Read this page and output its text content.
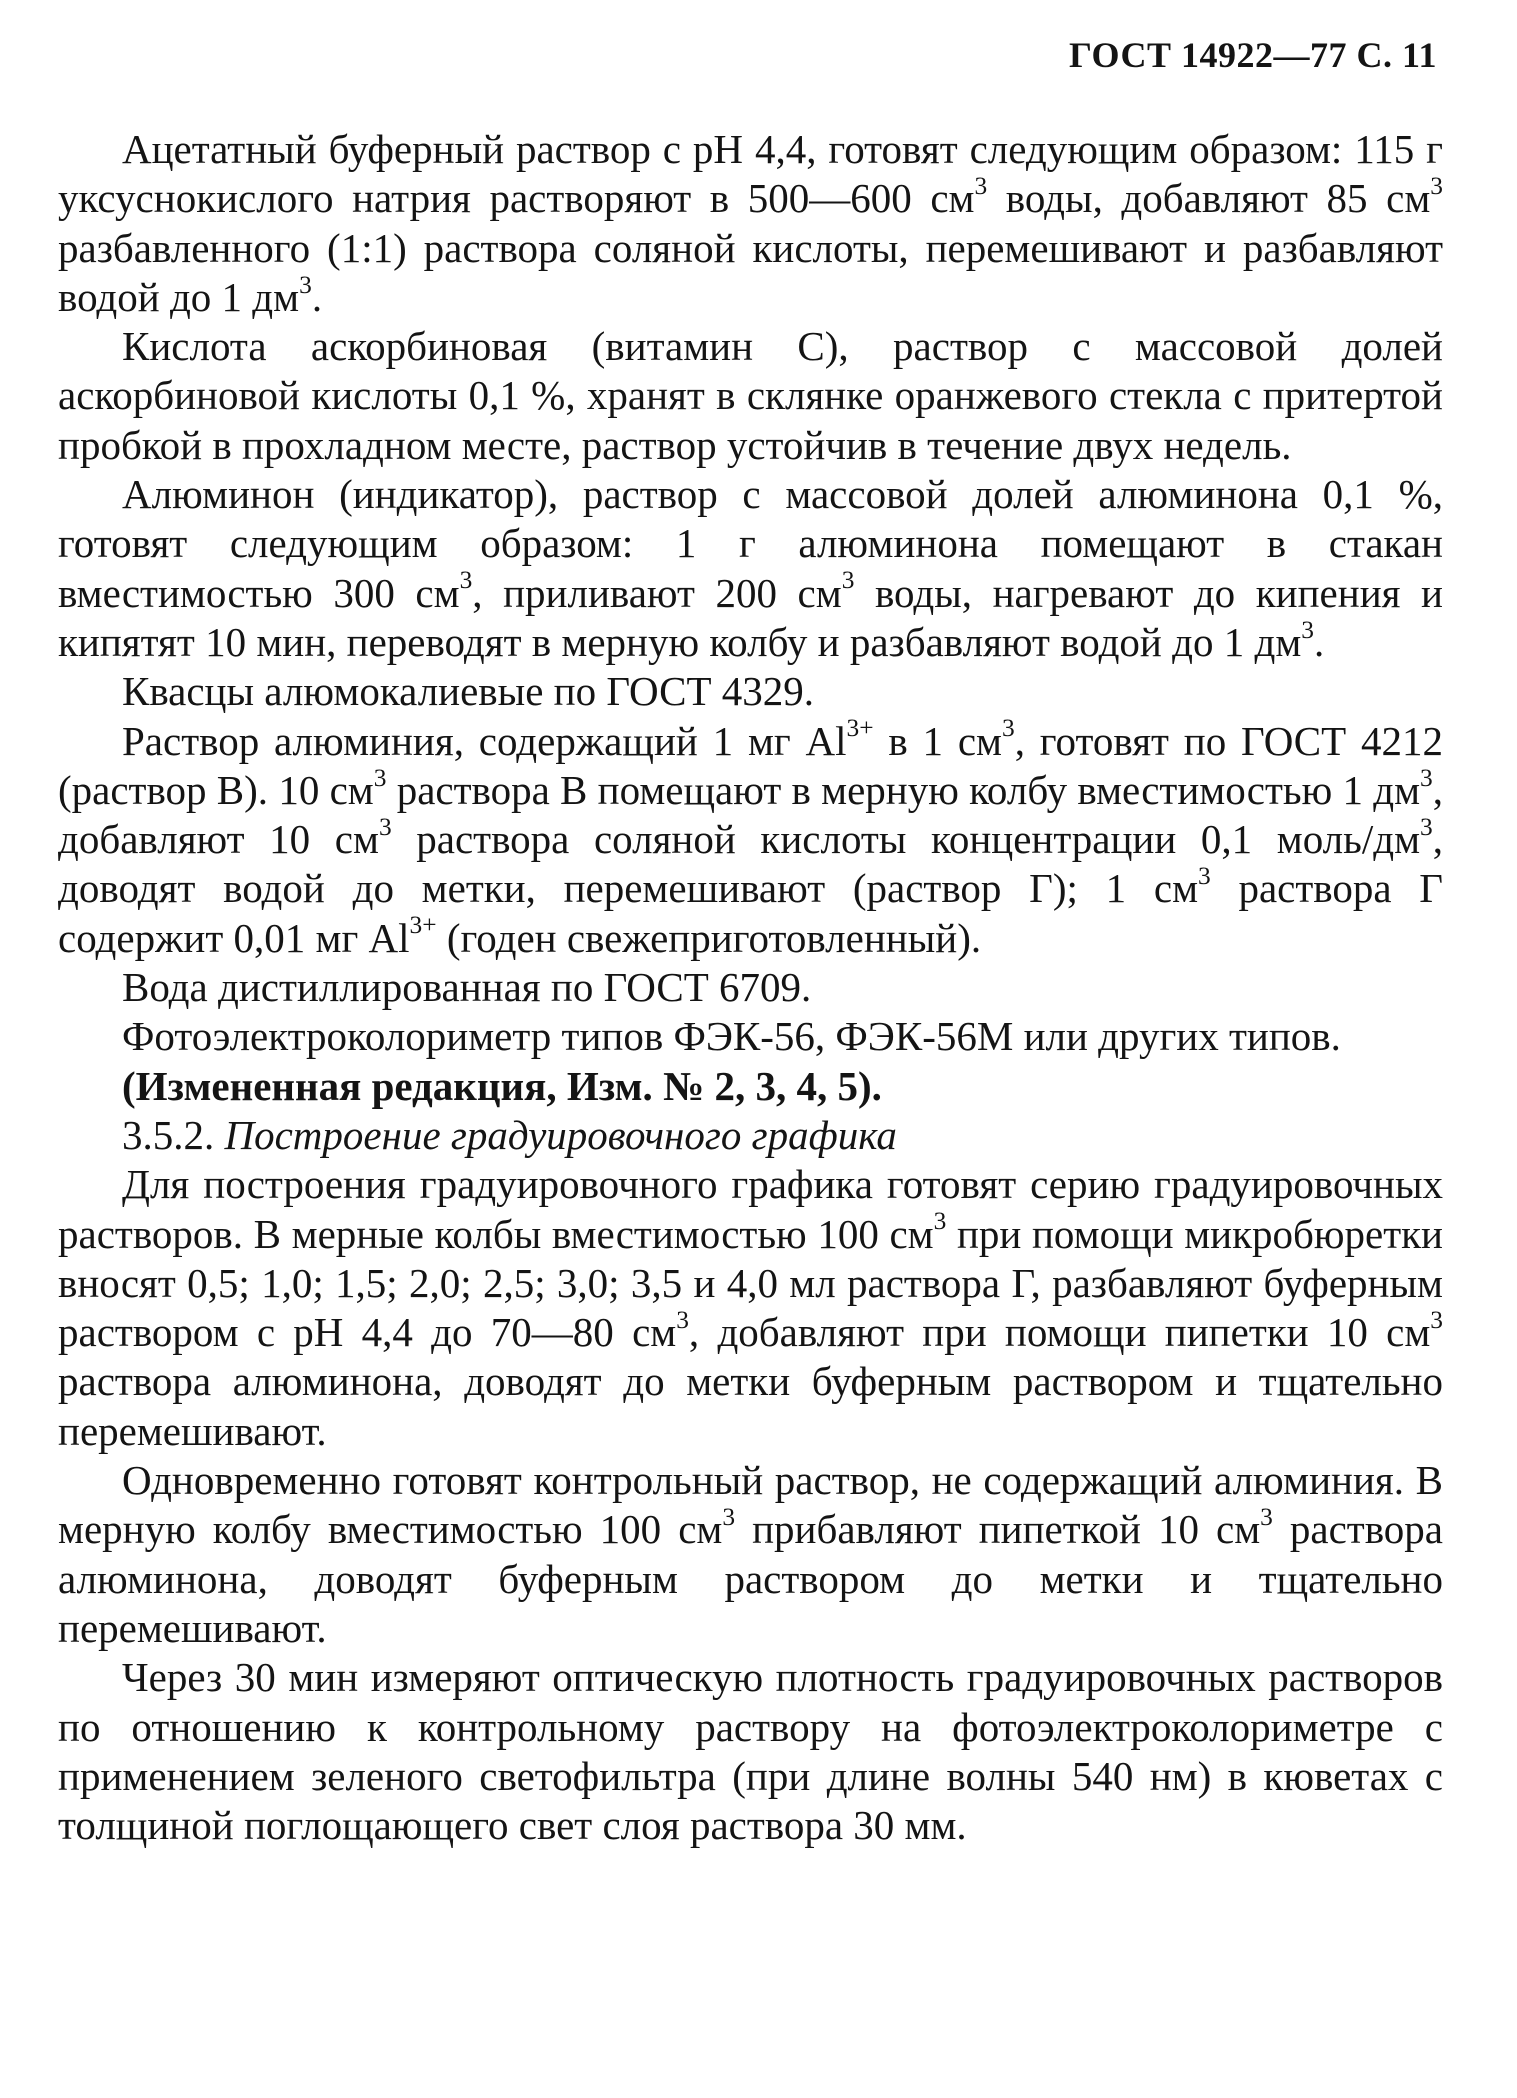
ГОСТ 14922—77 С. 11

Ацетатный буферный раствор с рН 4,4, готовят следующим образом: 115 г уксуснокислого натрия растворяют в 500—600 $см^3$ воды, добавляют 85 $см^3$ разбавленного (1:1) раствора соляной кислоты, перемешивают и разбавляют водой до 1 $дм^3$.

Кислота аскорбиновая (витамин С), раствор с массовой долей аскорбиновой кислоты 0,1 %, хранят в склянке оранжевого стекла с притертой пробкой в прохладном месте, раствор устойчив в течение двух недель.

Алюминон (индикатор), раствор с массовой долей алюминона 0,1 %, готовят следующим образом: 1 г алюминона помещают в стакан вместимостью 300 $см^3$, приливают 200 $см^3$ воды, нагревают до кипения и кипятят 10 мин, переводят в мерную колбу и разбавляют водой до 1 $дм^3$.

Квасцы алюмокалиевые по ГОСТ 4329.

Раствор алюминия, содержащий 1 мг $Al^{3+}$ в 1 $см^3$, готовят по ГОСТ 4212 (раствор В). 10 $см^3$ раствора В помещают в мерную колбу вместимостью 1 $дм^3$, добавляют 10 $см^3$ раствора соляной кислоты концентрации 0,1 моль/$дм^3$, доводят водой до метки, перемешивают (раствор Г); 1 $см^3$ раствора Г содержит 0,01 мг $Al^{3+}$ (годен свежеприготовленный).

Вода дистиллированная по ГОСТ 6709.

Фотоэлектроколориметр типов ФЭК-56, ФЭК-56М или других типов.

(Измененная редакция, Изм. № 2, 3, 4, 5).

3.5.2. Построение градуировочного графика

Для построения градуировочного графика готовят серию градуировочных растворов. В мерные колбы вместимостью 100 $см^3$ при помощи микробюретки вносят 0,5; 1,0; 1,5; 2,0; 2,5; 3,0; 3,5 и 4,0 мл раствора Г, разбавляют буферным раствором с рН 4,4 до 70—80 $см^3$, добавляют при помощи пипетки 10 $см^3$ раствора алюминона, доводят до метки буферным раствором и тщательно перемешивают.

Одновременно готовят контрольный раствор, не содержащий алюминия. В мерную колбу вместимостью 100 $см^3$ прибавляют пипеткой 10 $см^3$ раствора алюминона, доводят буферным раствором до метки и тщательно перемешивают.

Через 30 мин измеряют оптическую плотность градуировочных растворов по отношению к контрольному раствору на фотоэлектроколориметре с применением зеленого светофильтра (при длине волны 540 нм) в кюветах с толщиной поглощающего свет слоя раствора 30 мм.
